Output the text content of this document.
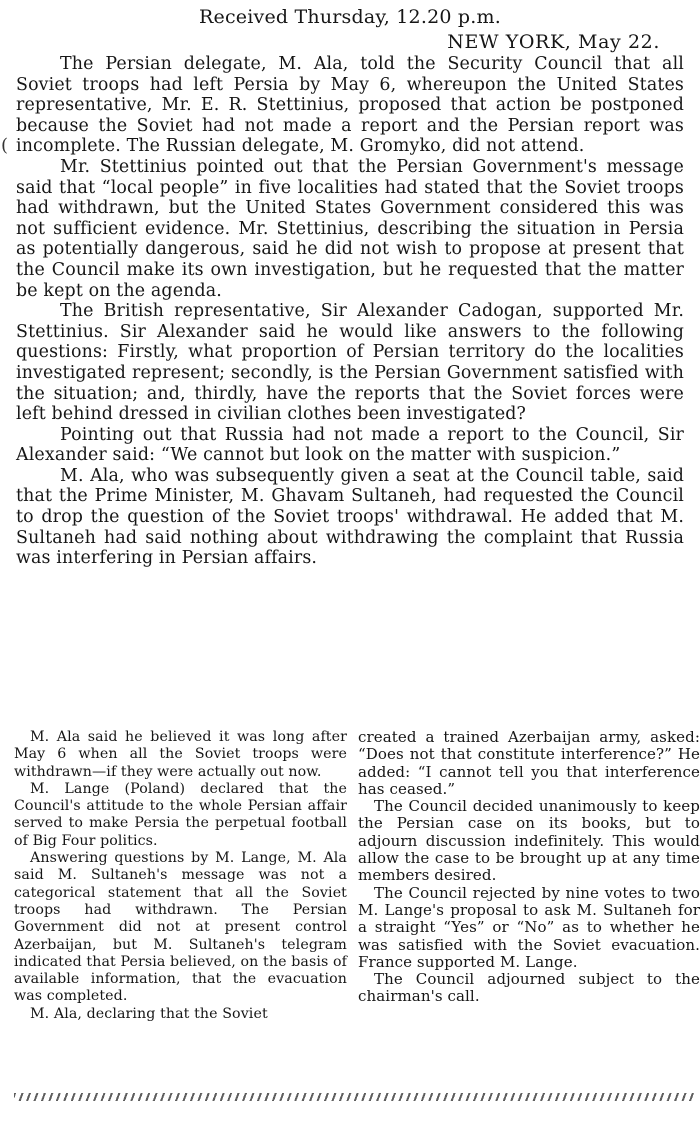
Received Thursday, 12.20 p.m.
NEW YORK, May 22.
(

The Persian delegate, M. Ala, told the Security Council that all Soviet troops had left Persia by May 6, whereupon the United States representative, Mr. E. R. Stettinius, proposed that action be postponed because the Soviet had not made a report and the Persian report was incomplete. The Russian delegate, M. Gromyko, did not attend.

Mr. Stettinius pointed out that the Persian Government's message said that “local people” in five localities had stated that the Soviet troops had withdrawn, but the United States Government considered this was not sufficient evidence. Mr. Stettinius, describing the situation in Persia as potentially dangerous, said he did not wish to propose at present that the Council make its own investigation, but he requested that the matter be kept on the agenda.

The British representative, Sir Alexander Cadogan, supported Mr. Stettinius. Sir Alexander said he would like answers to the following questions: Firstly, what proportion of Persian territory do the localities investigated represent; secondly, is the Persian Government satisfied with the situation; and, thirdly, have the reports that the Soviet forces were left behind dressed in civilian clothes been investigated?

Pointing out that Russia had not made a report to the Council, Sir Alexander said: “We cannot but look on the matter with suspicion.”

M. Ala, who was subsequently given a seat at the Council table, said that the Prime Minister, M. Ghavam Sultaneh, had requested the Council to drop the question of the Soviet troops' withdrawal. He added that M. Sultaneh had said nothing about withdrawing the complaint that Russia was interfering in Persian affairs.

M. Ala said he believed it was long after May 6 when all the Soviet troops were withdrawn—if they were actually out now.

M. Lange (Poland) declared that the Council's attitude to the whole Persian affair served to make Persia the perpetual football of Big Four politics.

Answering questions by M. Lange, M. Ala said M. Sultaneh's message was not a categorical statement that all the Soviet troops had withdrawn. The Persian Government did not at present control Azerbaijan, but M. Sultaneh's telegram indicated that Persia believed, on the basis of available information, that the evacuation was completed.

M. Ala, declaring that the Soviet

created a trained Azerbaijan army, asked: “Does not that constitute interference?” He added: “I cannot tell you that interference has ceased.”

The Council decided unanimously to keep the Persian case on its books, but to adjourn discussion indefinitely. This would allow the case to be brought up at any time members desired.

The Council rejected by nine votes to two M. Lange's proposal to ask M. Sultaneh for a straight “Yes” or “No” as to whether he was satisfied with the Soviet evacuation. France supported M. Lange.

The Council adjourned subject to the chairman's call.
